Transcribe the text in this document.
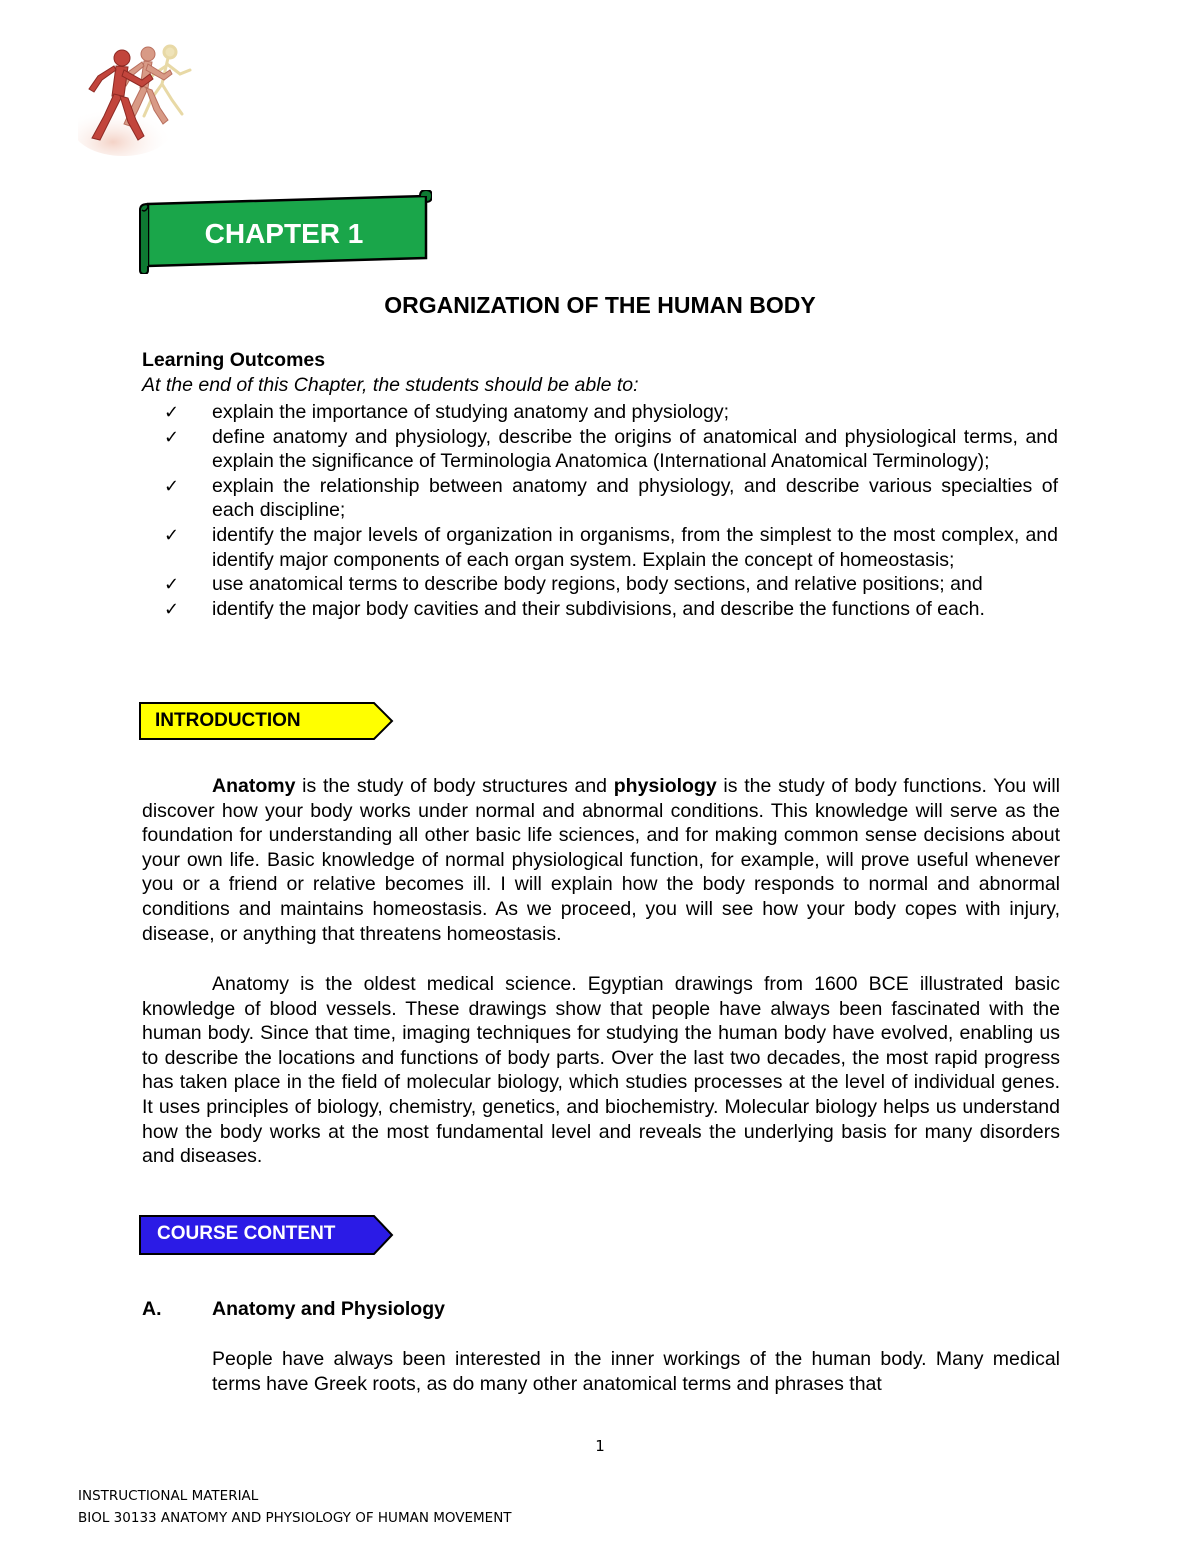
CHAPTER 1
ORGANIZATION OF THE HUMAN BODY
Learning Outcomes
At the end of this Chapter, the students should be able to:
✓ explain the importance of studying anatomy and physiology;
✓ define anatomy and physiology, describe the origins of anatomical and physiological terms, and explain the significance of Terminologia Anatomica (International Anatomical Terminology);
✓ explain the relationship between anatomy and physiology, and describe various specialties of each discipline;
✓ identify the major levels of organization in organisms, from the simplest to the most complex, and identify major components of each organ system. Explain the concept of homeostasis;
✓ use anatomical terms to describe body regions, body sections, and relative positions; and
✓ identify the major body cavities and their subdivisions, and describe the functions of each.
INTRODUCTION

Anatomy is the study of body structures and physiology is the study of body functions. You will discover how your body works under normal and abnormal conditions. This knowledge will serve as the foundation for understanding all other basic life sciences, and for making common sense decisions about your own life. Basic knowledge of normal physiological function, for example, will prove useful whenever you or a friend or relative becomes ill. I will explain how the body responds to normal and abnormal conditions and maintains homeostasis. As we proceed, you will see how your body copes with injury, disease, or anything that threatens homeostasis.

Anatomy is the oldest medical science. Egyptian drawings from 1600 BCE illustrated basic knowledge of blood vessels. These drawings show that people have always been fascinated with the human body. Since that time, imaging techniques for studying the human body have evolved, enabling us to describe the locations and functions of body parts. Over the last two decades, the most rapid progress has taken place in the field of molecular biology, which studies processes at the level of individual genes. It uses principles of biology, chemistry, genetics, and biochemistry. Molecular biology helps us understand how the body works at the most fundamental level and reveals the underlying basis for many disorders and diseases.

COURSE CONTENT
A.	Anatomy and Physiology

People have always been interested in the inner workings of the human body. Many medical terms have Greek roots, as do many other anatomical terms and phrases that

1
INSTRUCTIONAL MATERIAL
BIOL 30133 ANATOMY AND PHYSIOLOGY OF HUMAN MOVEMENT
